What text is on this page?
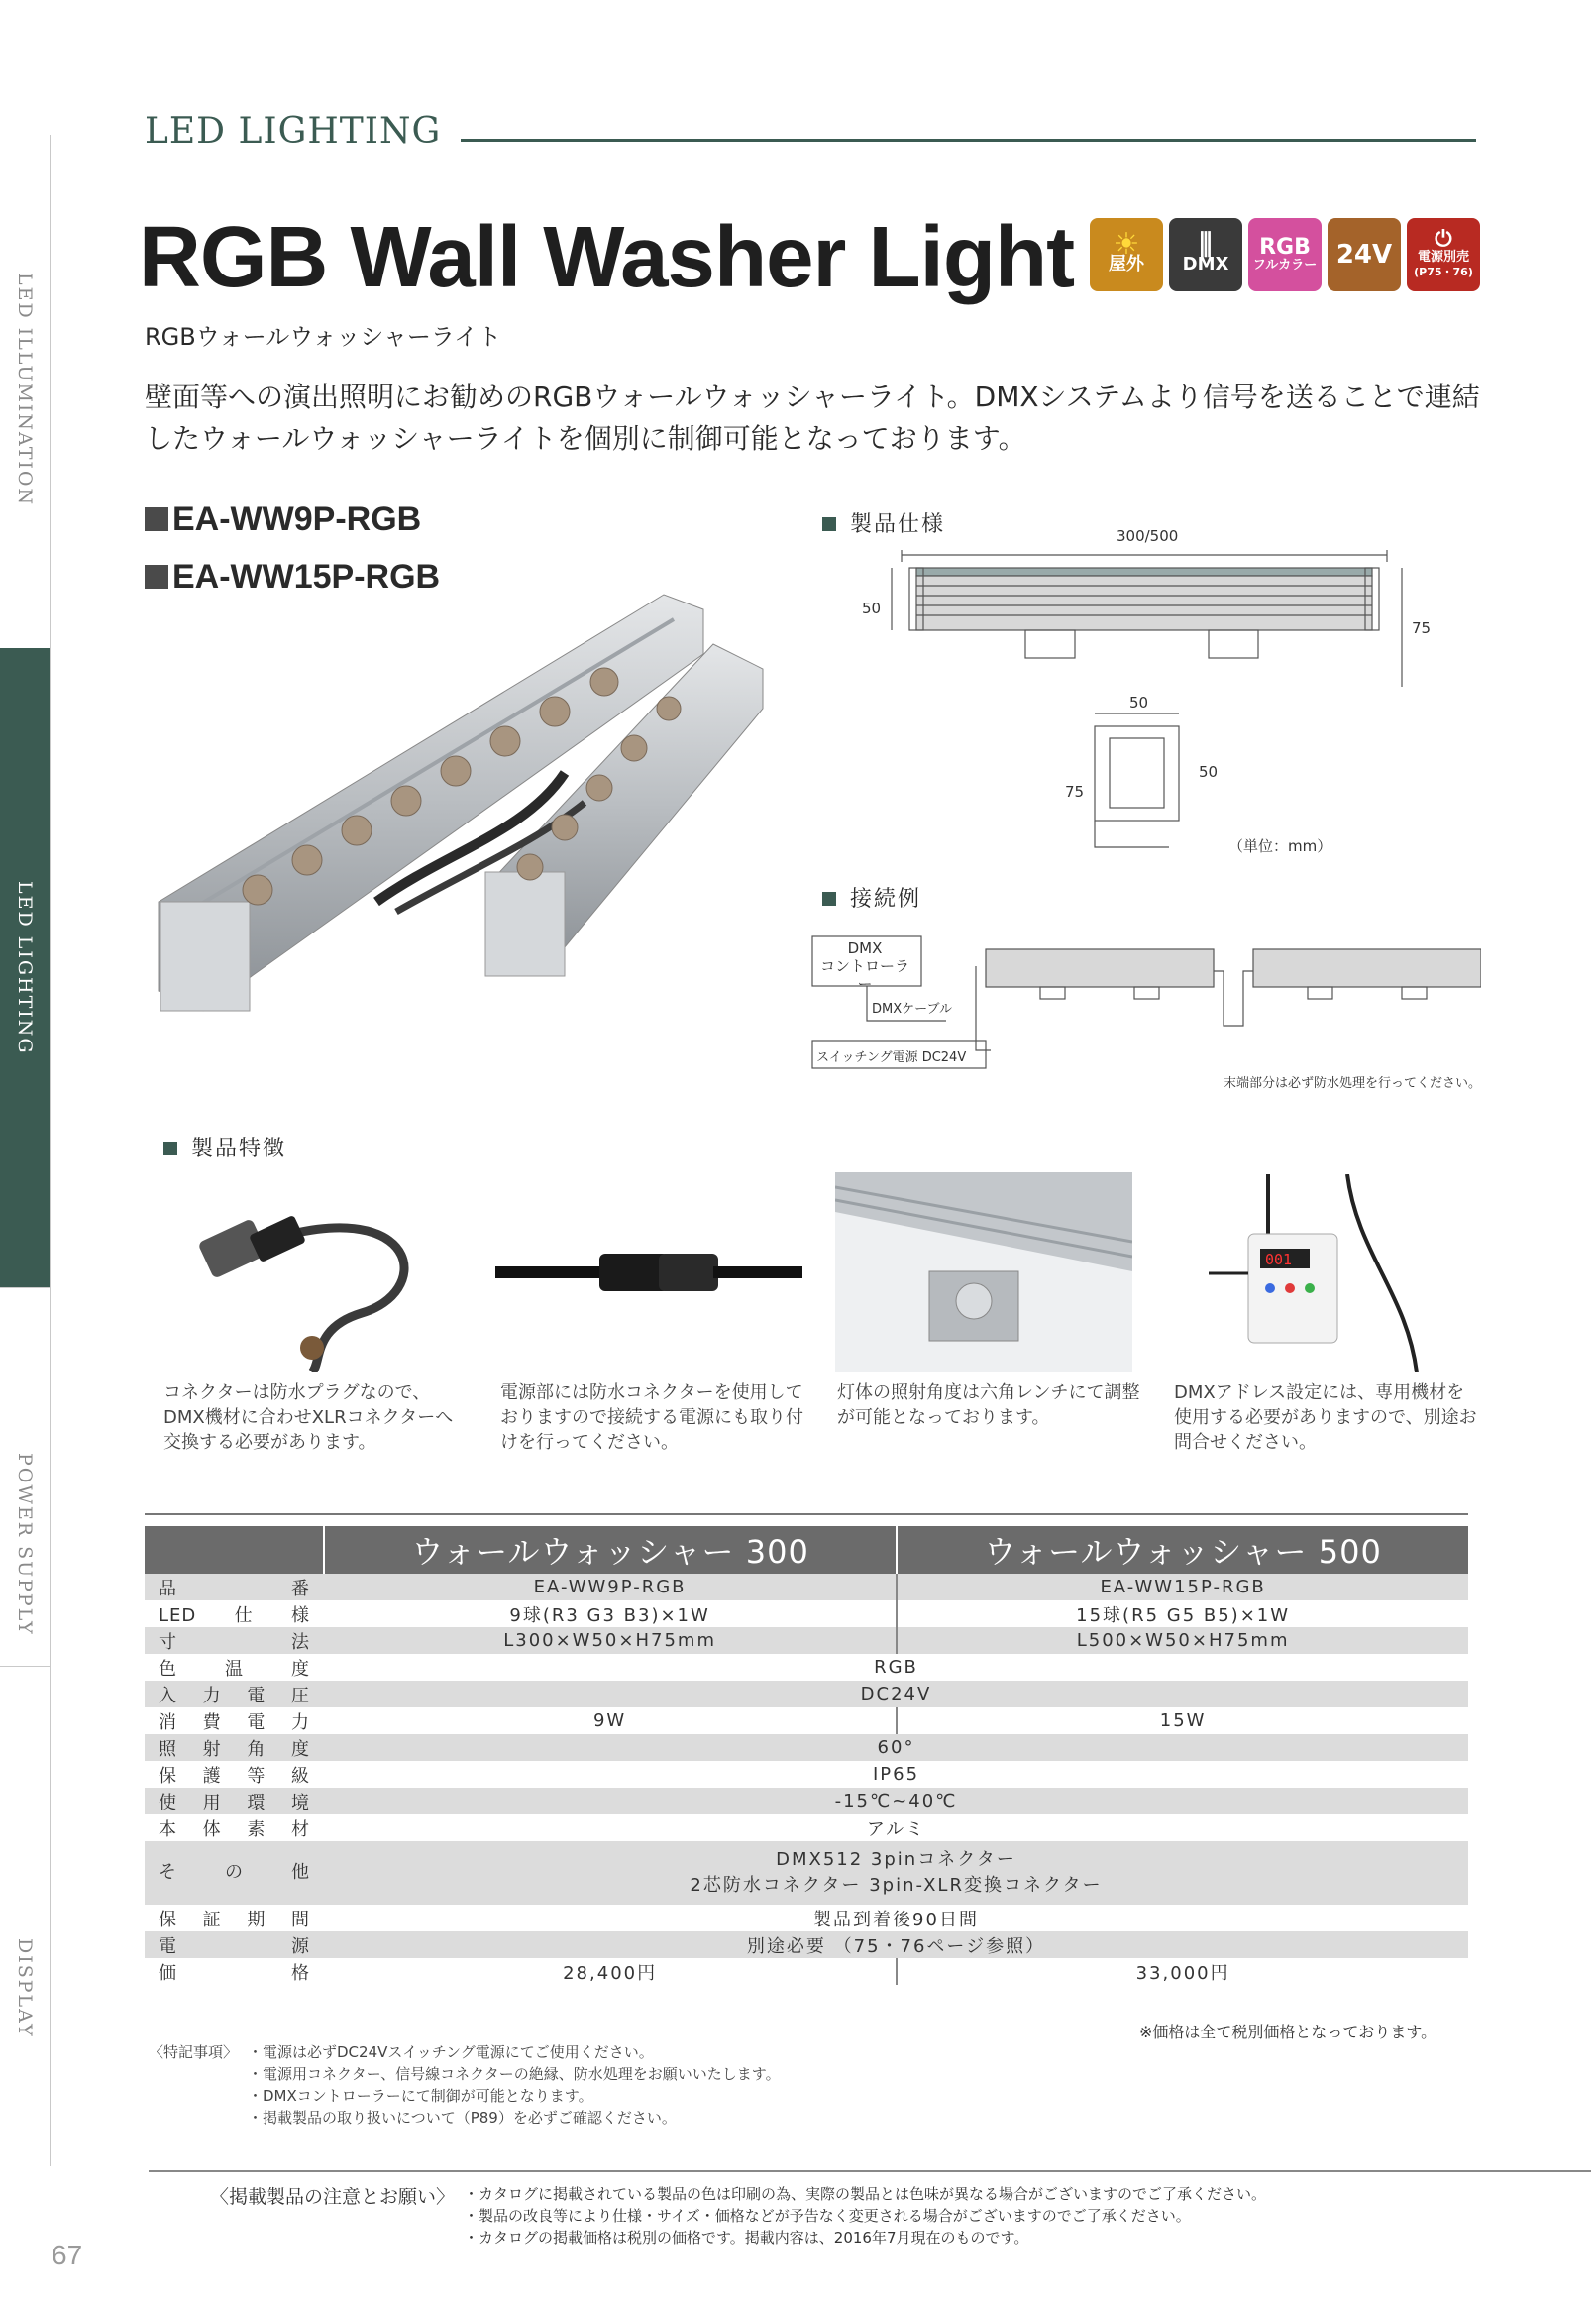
LED ILLUMINATION
LED LIGHTING
POWER SUPPLY
DISPLAY
LED LIGHTING
RGB Wall Washer Light
RGBウォールウォッシャーライト
壁面等への演出照明にお勧めのRGBウォールウォッシャーライト。DMXシステムより信号を送ることで連結したウォールウォッシャーライトを個別に制御可能となっております。
☀
屋外
⫼
DMX
RGB
フルカラー 24V
⏻
電源別売
(P75・76)
EA-WW9P-RGB
EA-WW15P-RGB
製品仕様	300/500
50
75
50
75
50
（単位：mm）
接続例
DMX
コントローラー
DMXケーブル
スイッチング電源 DC24V
末端部分は必ず防水処理を行ってください。
製品特徴
001
コネクターは防水プラグなので、DMX機材に合わせXLRコネクターへ交換する必要があります。
電源部には防水コネクターを使用しておりますので接続する電源にも取り付けを行ってください。
灯体の照射角度は六角レンチにて調整が可能となっております。
DMXアドレス設定には、専用機材を使用する必要がありますので、別途お問合せください。
	ウォールウォッシャー 300	ウォールウォッシャー 500
品番	EA-WW9P-RGB	EA-WW15P-RGB
LED仕様	9球(R3 G3 B3)×1W	15球(R5 G5 B5)×1W
寸法	L300×W50×H75mm	L500×W50×H75mm
色温度	RGB	
入力電圧	DC24V	
消費電力	9W	15W
照射角度	60°	
保護等級	IP65	
使用環境	-15℃~40℃	
本体素材	アルミ	
その他	DMX512 3pinコネクター
2芯防水コネクター 3pin-XLR変換コネクター	
保証期間	製品到着後90日間	
電源	別途必要 （75・76ページ参照）	
価格	28,400円	33,000円
※価格は全て税別価格となっております。
〈特記事項〉 ・電源は必ずDC24Vスイッチング電源にてご使用ください。
・電源用コネクター、信号線コネクターの絶縁、防水処理をお願いいたします。
・DMXコントローラーにて制御が可能となります。
・掲載製品の取り扱いについて（P89）を必ずご確認ください。
〈掲載製品の注意とお願い〉 ・カタログに掲載されている製品の色は印刷の為、実際の製品とは色味が異なる場合がございますのでご了承ください。
・製品の改良等により仕様・サイズ・価格などが予告なく変更される場合がございますのでご了承ください。
・カタログの掲載価格は税別の価格です。掲載内容は、2016年7月現在のものです。
67
